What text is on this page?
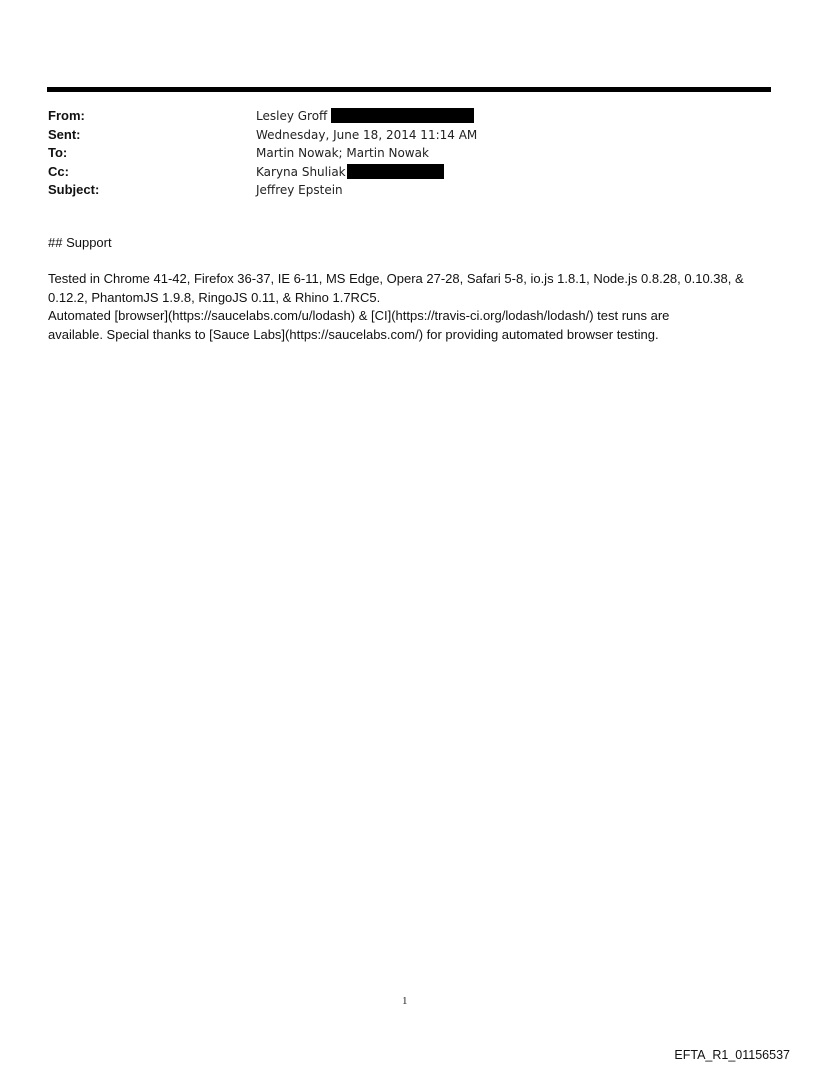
From:	Lesley Groff
Sent:	Wednesday, June 18, 2014 11:14 AM
To:	Martin Nowak; Martin Nowak
Cc:	Karyna Shuliak
Subject:	Jeffrey Epstein
## Support

Tested in Chrome 41-42, Firefox 36-37, IE 6-11, MS Edge, Opera 27-28, Safari 5-8, io.js 1.8.1, Node.js 0.8.28, 0.10.38, &

0.12.2, PhantomJS 1.9.8, RingoJS 0.11, & Rhino 1.7RC5.

Automated [browser](https://saucelabs.com/u/lodash) & [CI](https://travis-ci.org/lodash/lodash/) test runs are

available. Special thanks to [Sauce Labs](https://saucelabs.com/) for providing automated browser testing.

1
EFTA_R1_01156537
